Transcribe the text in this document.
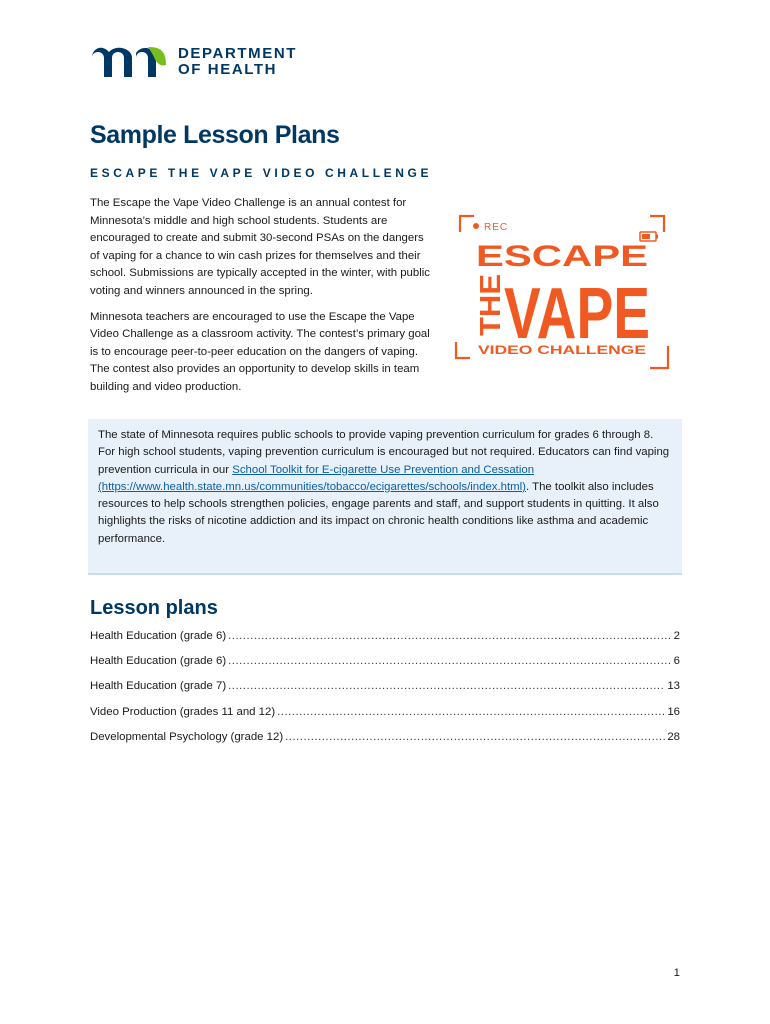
DEPARTMENT
OF HEALTH
Sample Lesson Plans
ESCAPE THE VAPE VIDEO CHALLENGE

The Escape the Vape Video Challenge is an annual contest for Minnesota’s middle and high school students. Students are encouraged to create and submit 30-second PSAs on the dangers of vaping for a chance to win cash prizes for themselves and their school. Submissions are typically accepted in the winter, with public voting and winners announced in the spring.

Minnesota teachers are encouraged to use the Escape the Vape Video Challenge as a classroom activity. The contest’s primary goal is to encourage peer-to-peer education on the dangers of vaping. The contest also provides an opportunity to develop skills in team building and video production.

REC
ESCAPE
THE
VAPE
VIDEO CHALLENGE
The state of Minnesota requires public schools to provide vaping prevention curriculum for grades 6 through 8. For high school students, vaping prevention curriculum is encouraged but not required. Educators can find vaping prevention curricula in our School Toolkit for E-cigarette Use Prevention and Cessation (https://www.health.state.mn.us/communities/tobacco/ecigarettes/schools/index.html). The toolkit also includes resources to help schools strengthen policies, engage parents and staff, and support students in quitting. It also highlights the risks of nicotine addiction and its impact on chronic health conditions like asthma and academic performance.
Lesson plans
Health Education (grade 6) .....	2
Health Education (grade 6) .....	6
Health Education (grade 7) .....	13
Video Production (grades 11 and 12) .....	16
Developmental Psychology (grade 12) .....	28
1
